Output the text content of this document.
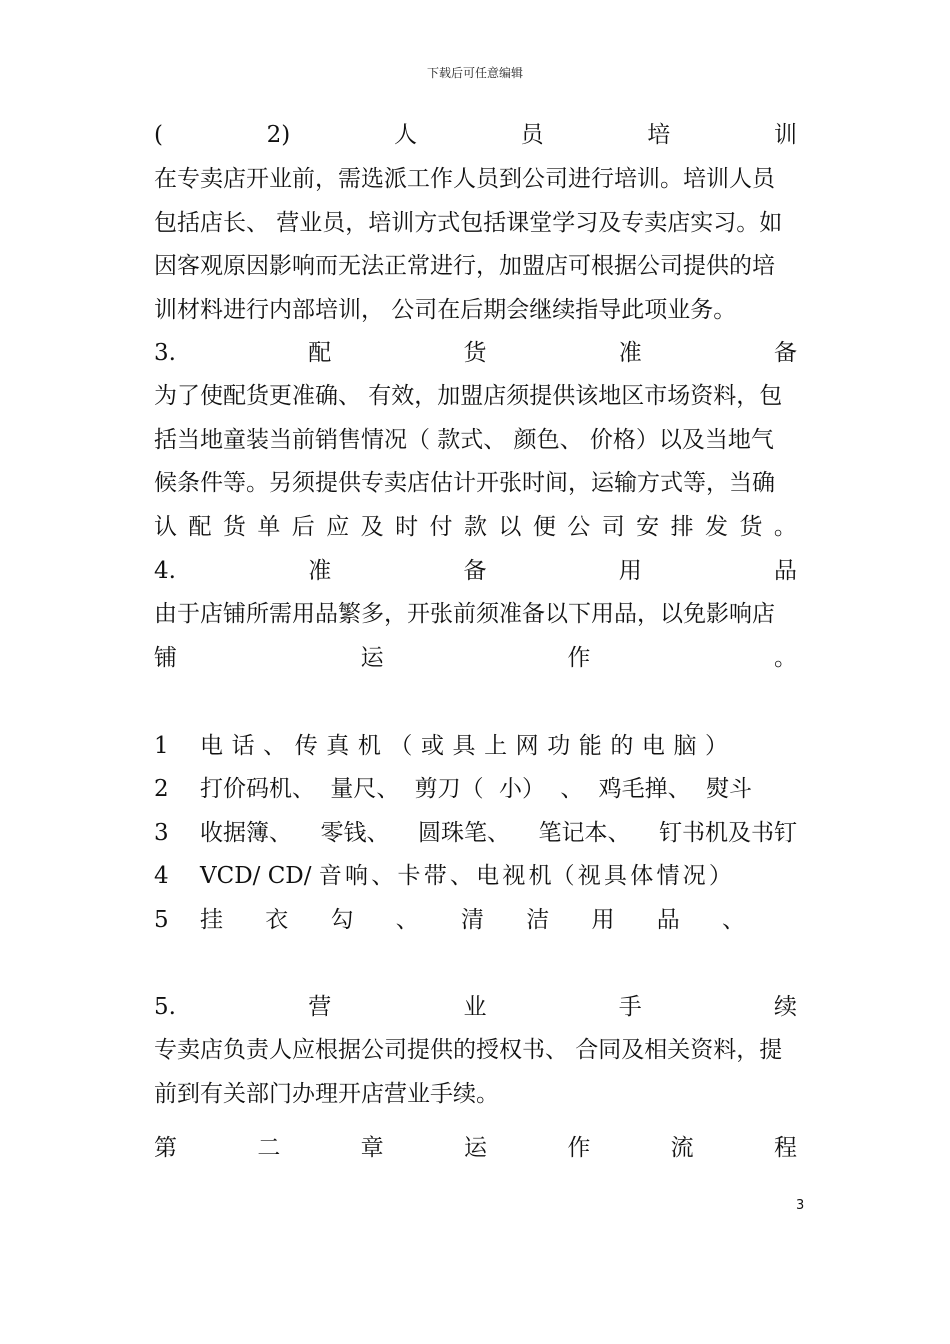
下载后可任意编辑
(	2)	人	员	培	训
在专卖店开业前，需选派工作人员到公司进行培训。培训人员
包括店长、 营业员，培训方式包括课堂学习及专卖店实习。如
因客观原因影响而无法正常进行，加盟店可根据公司提供的培
训材料进行内部培训， 公司在后期会继续指导此项业务。
3.	配	货	准	备
为了使配货更准确、 有效，加盟店须提供该地区市场资料，包
括当地童装当前销售情况（ 款式、 颜色、 价格）以及当地气
候条件等。另须提供专卖店估计开张时间，运输方式等，当确
认 配 货 单 后 应 及 时 付 款 以 便 公 司 安 排 发 货 。
4.	准	备	用	品
由于店铺所需用品繁多，开张前须准备以下用品，以免影响店
铺	运	作	。
1 电 话 、 传 真 机 （ 或 具 上 网 功 能 的 电 脑 ）
2 打价码机、 量尺、 剪刀（ 小） 、 鸡毛掸、 熨斗
3 收据簿、 零钱、 圆珠笔、 笔记本、 钉书机及书钉
4 VCD/ CD/ 音 响 、 卡 带 、 电 视 机（ 视 具 体 情 况 ）
5 挂 衣 勾 、 清 洁 用 品 、
5.	营	业	手	续
专卖店负责人应根据公司提供的授权书、 合同及相关资料，提
前到有关部门办理开店营业手续。
第	二	章	运	作	流	程
3
